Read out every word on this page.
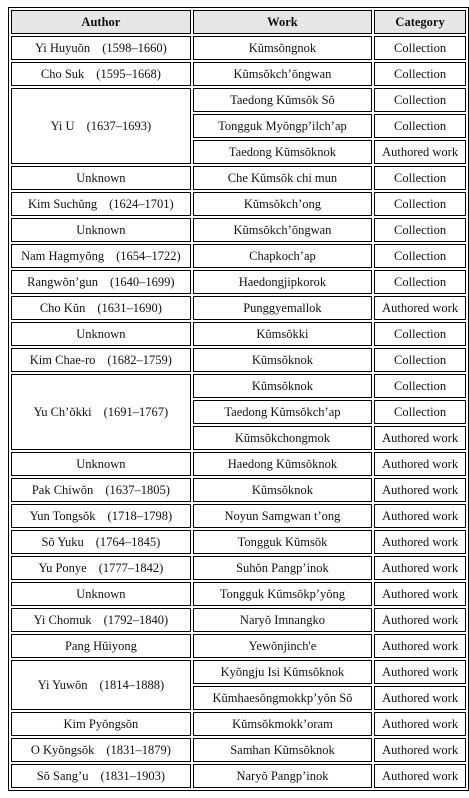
Author	Work	Category
Yi Huyuŏn (1598–1660)	Kŭmsŏngnok	Collection
Cho Suk (1595–1668)	Kŭmsŏkch’ŏngwan	Collection
Yi U (1637–1693)	Taedong Kŭmsŏk Sŏ	Collection
	Tongguk Myŏngp’ilch’ap	Collection
	Taedong Kŭmsŏknok	Authored work
Unknown	Che Kŭmsŏk chi mun	Collection
Kim Suchŭng (1624–1701)	Kŭmsŏkch’ong	Collection
Unknown	Kŭmsŏkch’ŏngwan	Collection
Nam Hagmyŏng (1654–1722)	Chapkoch’ap	Collection
Rangwŏn’gun (1640–1699)	Haedongjipkorok	Collection
Cho Kŭn (1631–1690)	Punggyemallok	Authored work
Unknown	Kŭmsŏkki	Collection
Kim Chae-ro (1682–1759)	Kŭmsŏknok	Collection
Yu Ch’ŏkki (1691–1767)	Kŭmsŏknok	Collection
	Taedong Kŭmsŏkch’ap	Collection
	Kŭmsŏkchongmok	Authored work
Unknown	Haedong Kŭmsŏknok	Authored work
Pak Chiwŏn (1637–1805)	Kŭmsŏknok	Authored work
Yun Tongsŏk (1718–1798)	Noyun Samgwan t’ong	Authored work
Sŏ Yuku (1764–1845)	Tongguk Kŭmsŏk	Authored work
Yu Ponye (1777–1842)	Suhŏn Pangp’inok	Authored work
Unknown	Tongguk Kŭmsŏkp’yŏng	Authored work
Yi Chomuk (1792–1840)	Naryŏ Imnangko	Authored work
Pang Hŭiyong	Yewŏnjinch'e	Authored work
Yi Yuwŏn (1814–1888)	Kyŏngju Isi Kŭmsŏknok	Authored work
	Kŭmhaesŏngmokkp’yŏn Sŏ	Authored work
Kim Pyŏngsŏn	Kŭmsŏkmokk’oram	Authored work
O Kyŏngsŏk (1831–1879)	Samhan Kŭmsŏknok	Authored work
Sŏ Sang’u (1831–1903)	Naryŏ Pangp’inok	Authored work
